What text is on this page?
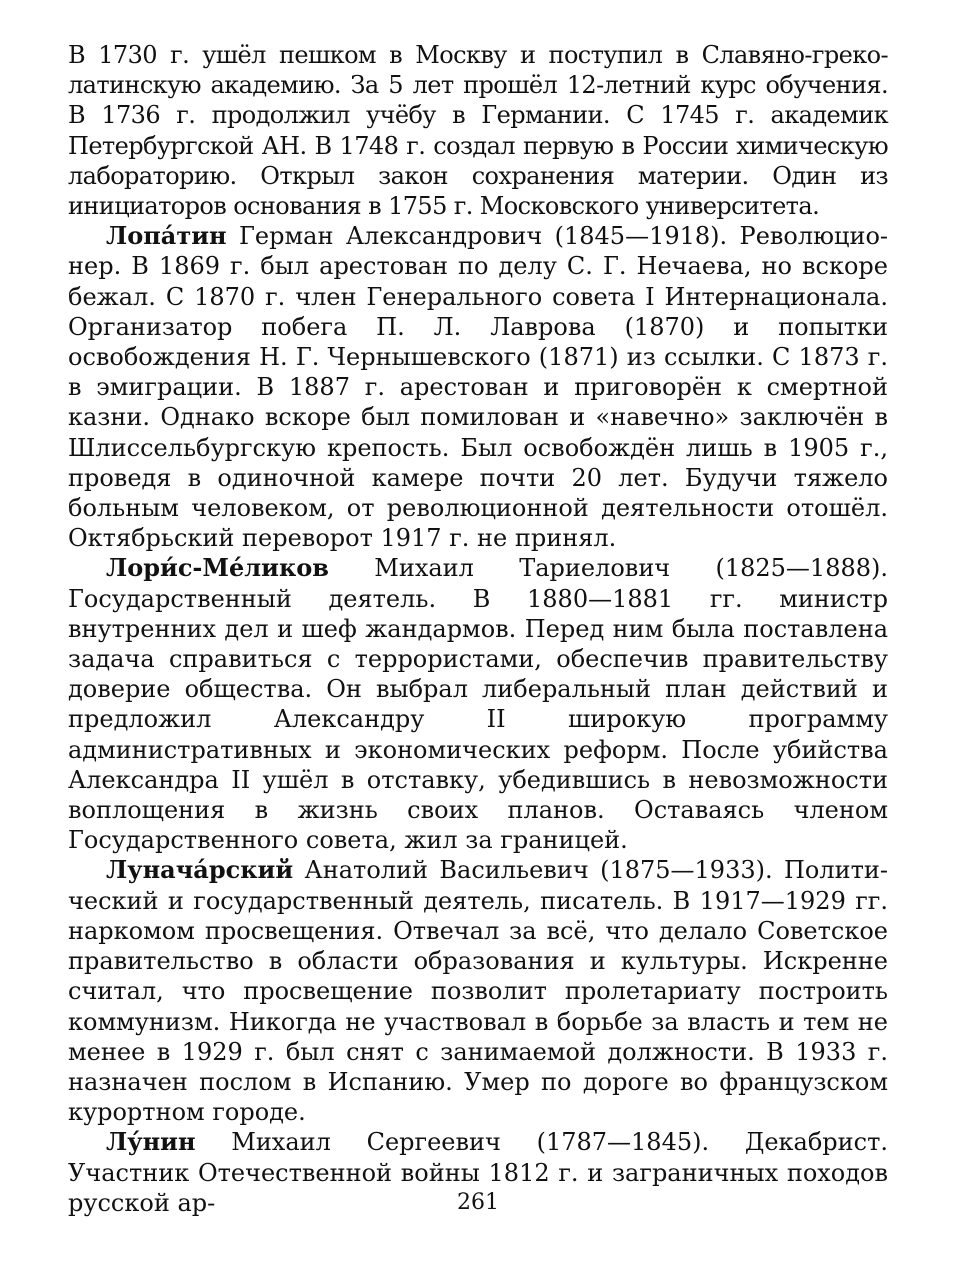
В 1730 г. ушёл пешком в Москву и поступил в Славяно-греко-латинскую академию. За 5 лет прошёл 12-летний курс обучения. В 1736 г. продолжил учёбу в Германии. С 1745 г. академик Петербургской АН. В 1748 г. создал первую в России химическую лабораторию. Открыл закон сохранения материи. Один из инициаторов основания в 1755 г. Московского университета.

Лопа́тин Герман Александрович (1845—1918). Революционер. В 1869 г. был арестован по делу С. Г. Нечаева, но вскоре бежал. С 1870 г. член Генерального совета I Интернационала. Организатор побега П. Л. Лаврова (1870) и попытки освобождения Н. Г. Чернышевского (1871) из ссылки. С 1873 г. в эмиграции. В 1887 г. арестован и приговорён к смертной казни. Однако вскоре был помилован и «навечно» заключён в Шлиссельбургскую крепость. Был освобождён лишь в 1905 г., проведя в одиночной камере почти 20 лет. Будучи тяжело больным человеком, от революционной деятельности отошёл. Октябрьский переворот 1917 г. не принял.

Лори́с-Ме́ликов Михаил Тариелович (1825—1888). Государственный деятель. В 1880—1881 гг. министр внутренних дел и шеф жандармов. Перед ним была поставлена задача справиться с террористами, обеспечив правительству доверие общества. Он выбрал либеральный план действий и предложил Александру II широкую программу административных и экономических реформ. После убийства Александра II ушёл в отставку, убедившись в невозможности воплощения в жизнь своих планов. Оставаясь членом Государственного совета, жил за границей.

Лунача́рский Анатолий Васильевич (1875—1933). Политический и государственный деятель, писатель. В 1917—1929 гг. наркомом просвещения. Отвечал за всё, что делало Советское правительство в области образования и культуры. Искренне считал, что просвещение позволит пролетариату построить коммунизм. Никогда не участвовал в борьбе за власть и тем не менее в 1929 г. был снят с занимаемой должности. В 1933 г. назначен послом в Испанию. Умер по дороге во французском курортном городе.

Лу́нин Михаил Сергеевич (1787—1845). Декабрист. Участник Отечественной войны 1812 г. и заграничных походов русской ар-	261
